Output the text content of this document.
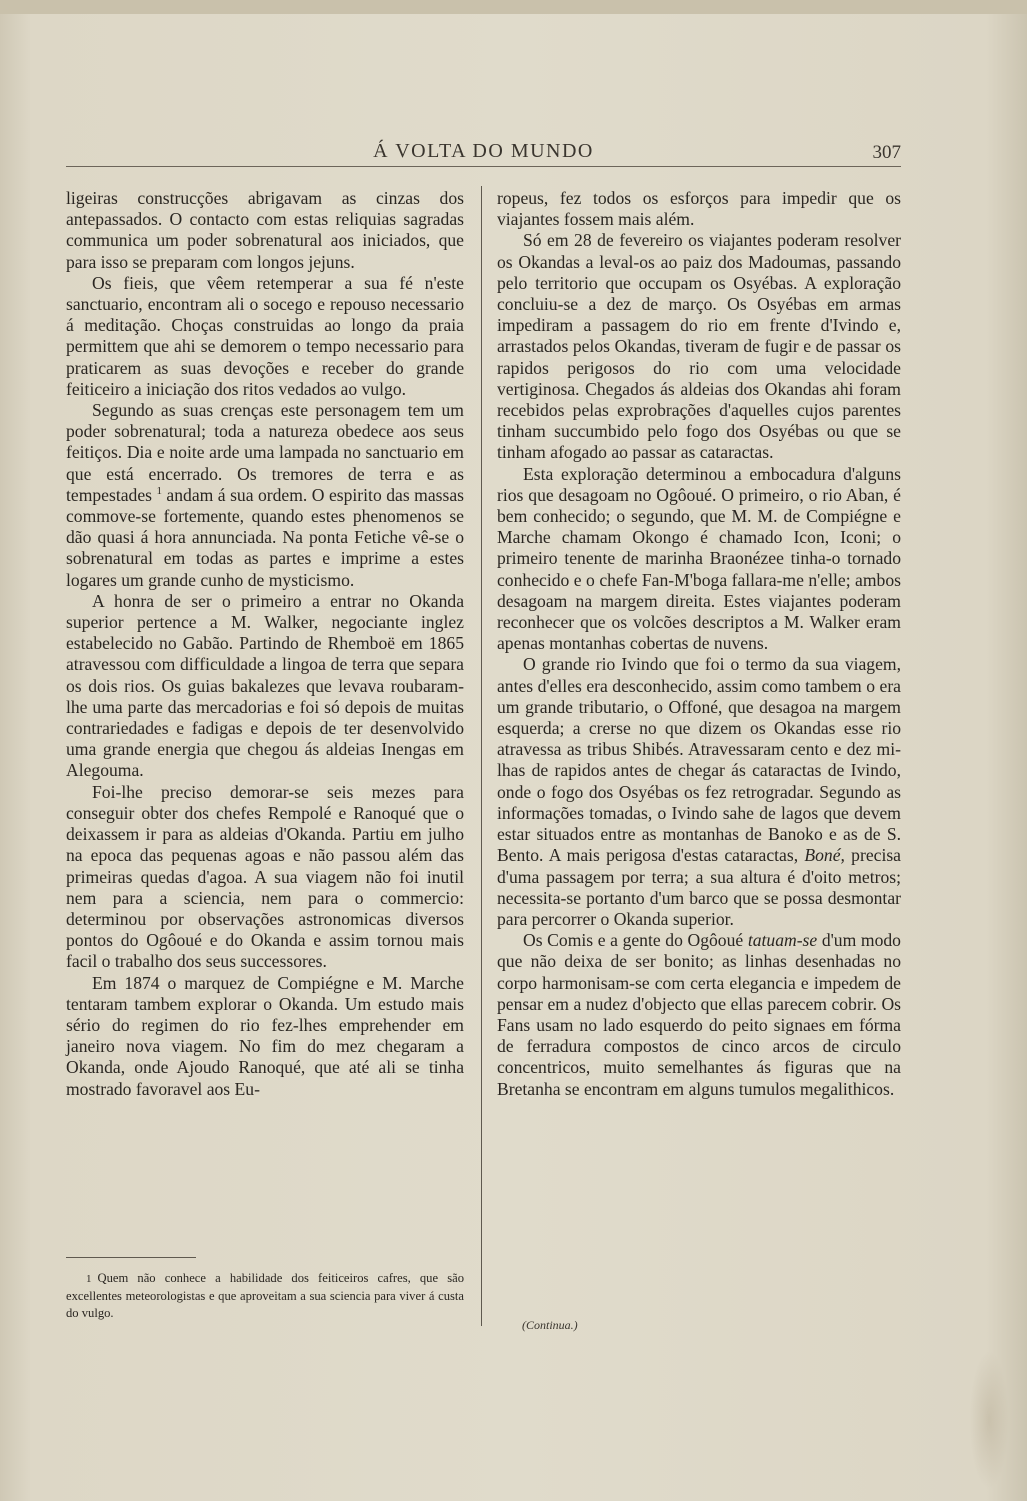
Á VOLTA DO MUNDO	307

ligeiras construcções abrigavam as cinzas dos antepassados. O contacto com estas reliquias sagradas communica um poder sobrenatural aos iniciados, que para isso se preparam com longos jejuns.

Os fieis, que vêem retemperar a sua fé n'este sanctuario, encontram ali o socego e repouso necessario á meditação. Choças construidas ao longo da praia permittem que ahi se demorem o tempo necessario para praticarem as suas devoções e receber do grande feiticeiro a iniciação dos ritos vedados ao vulgo.

Segundo as suas crenças este personagem tem um poder sobrenatural; toda a natureza obedece aos seus feitiços. Dia e noite arde uma lampada no sanctuario em que está encerrado. Os tremores de terra e as tempestades $^1$ andam á sua ordem. O espirito das massas commove-se fortemente, quando estes phenomenos se dão quasi á hora annunciada. Na ponta Fetiche vê-se o sobrenatural em todas as partes e imprime a estes logares um grande cunho de mysticismo.

A honra de ser o primeiro a entrar no Okanda superior pertence a M. Walker, negociante inglez estabelecido no Gabão. Partindo de Rhemboë em 1865 atravessou com difficuldade a lingoa de terra que separa os dois rios. Os guias bakalezes que levava roubaram-lhe uma parte das mercadorias e foi só depois de muitas contrariedades e fadigas e depois de ter desenvolvido uma grande energia que chegou ás aldeias Inengas em Alegouma.

Foi-lhe preciso demorar-se seis mezes para conseguir obter dos chefes Rempolé e Ranoqué que o deixassem ir para as aldeias d'Okanda. Partiu em julho na epoca das pequenas agoas e não passou além das primeiras quedas d'agoa. A sua viagem não foi inutil nem para a sciencia, nem para o commercio: determinou por observações astronomicas diversos pontos do Ogôoué e do Okanda e assim tornou mais facil o trabalho dos seus successores.

Em 1874 o marquez de Compiégne e M. Marche tentaram tambem explorar o Okanda. Um estudo mais sério do regimen do rio fez-lhes emprehender em janeiro nova viagem. No fim do mez chegaram a Okanda, onde Ajoudo Ranoqué, que até ali se tinha mostrado favoravel aos Eu-

1 Quem não conhece a habilidade dos feiticeiros cafres, que são excellentes meteorologistas e que aproveitam a sua sciencia para viver á custa do vulgo.

ropeus, fez todos os esforços para impedir que os viajantes fossem mais além.

Só em 28 de fevereiro os viajantes poderam resolver os Okandas a leval-os ao paiz dos Madoumas, passando pelo territorio que occupam os Osyébas. A exploração concluiu-se a dez de março. Os Osyébas em armas impediram a passagem do rio em frente d'Ivindo e, arrastados pelos Okandas, tiveram de fugir e de passar os rapidos perigosos do rio com uma velocidade vertiginosa. Chegados ás aldeias dos Okandas ahi foram recebidos pelas exprobrações d'aquelles cujos parentes tinham succumbido pelo fogo dos Osyébas ou que se tinham afogado ao passar as cataractas.

Esta exploração determinou a embocadura d'alguns rios que desagoam no Ogôoué. O primeiro, o rio Aban, é bem conhecido; o segundo, que M. M. de Compiégne e Marche chamam Okongo é chamado Icon, Iconi; o primeiro tenente de marinha Braonézee tinha-o tornado conhecido e o chefe Fan-M'boga fallara-me n'elle; ambos desagoam na margem direita. Estes viajantes poderam reconhecer que os volcões descriptos a M. Walker eram apenas montanhas cobertas de nuvens.

O grande rio Ivindo que foi o termo da sua viagem, antes d'elles era desconhecido, assim como tambem o era um grande tributario, o Offoné, que desagoa na margem esquerda; a crerse no que dizem os Okandas esse rio atravessa as tribus Shibés. Atravessaram cento e dez milhas de rapidos antes de chegar ás cataractas de Ivindo, onde o fogo dos Osyébas os fez retrogradar. Segundo as informações tomadas, o Ivindo sahe de lagos que devem estar situados entre as montanhas de Banoko e as de S. Bento. A mais perigosa d'estas cataractas, Boné, precisa d'uma passagem por terra; a sua altura é d'oito metros; necessita-se portanto d'um barco que se possa desmontar para percorrer o Okanda superior.

Os Comis e a gente do Ogôoué tatuam-se d'um modo que não deixa de ser bonito; as linhas desenhadas no corpo harmonisam-se com certa elegancia e impedem de pensar em a nudez d'objecto que ellas parecem cobrir. Os Fans usam no lado esquerdo do peito signaes em fórma de ferradura compostos de cinco arcos de circulo concentricos, muito semelhantes ás figuras que na Bretanha se encontram em alguns tumulos megalithicos.

(Continua.)
